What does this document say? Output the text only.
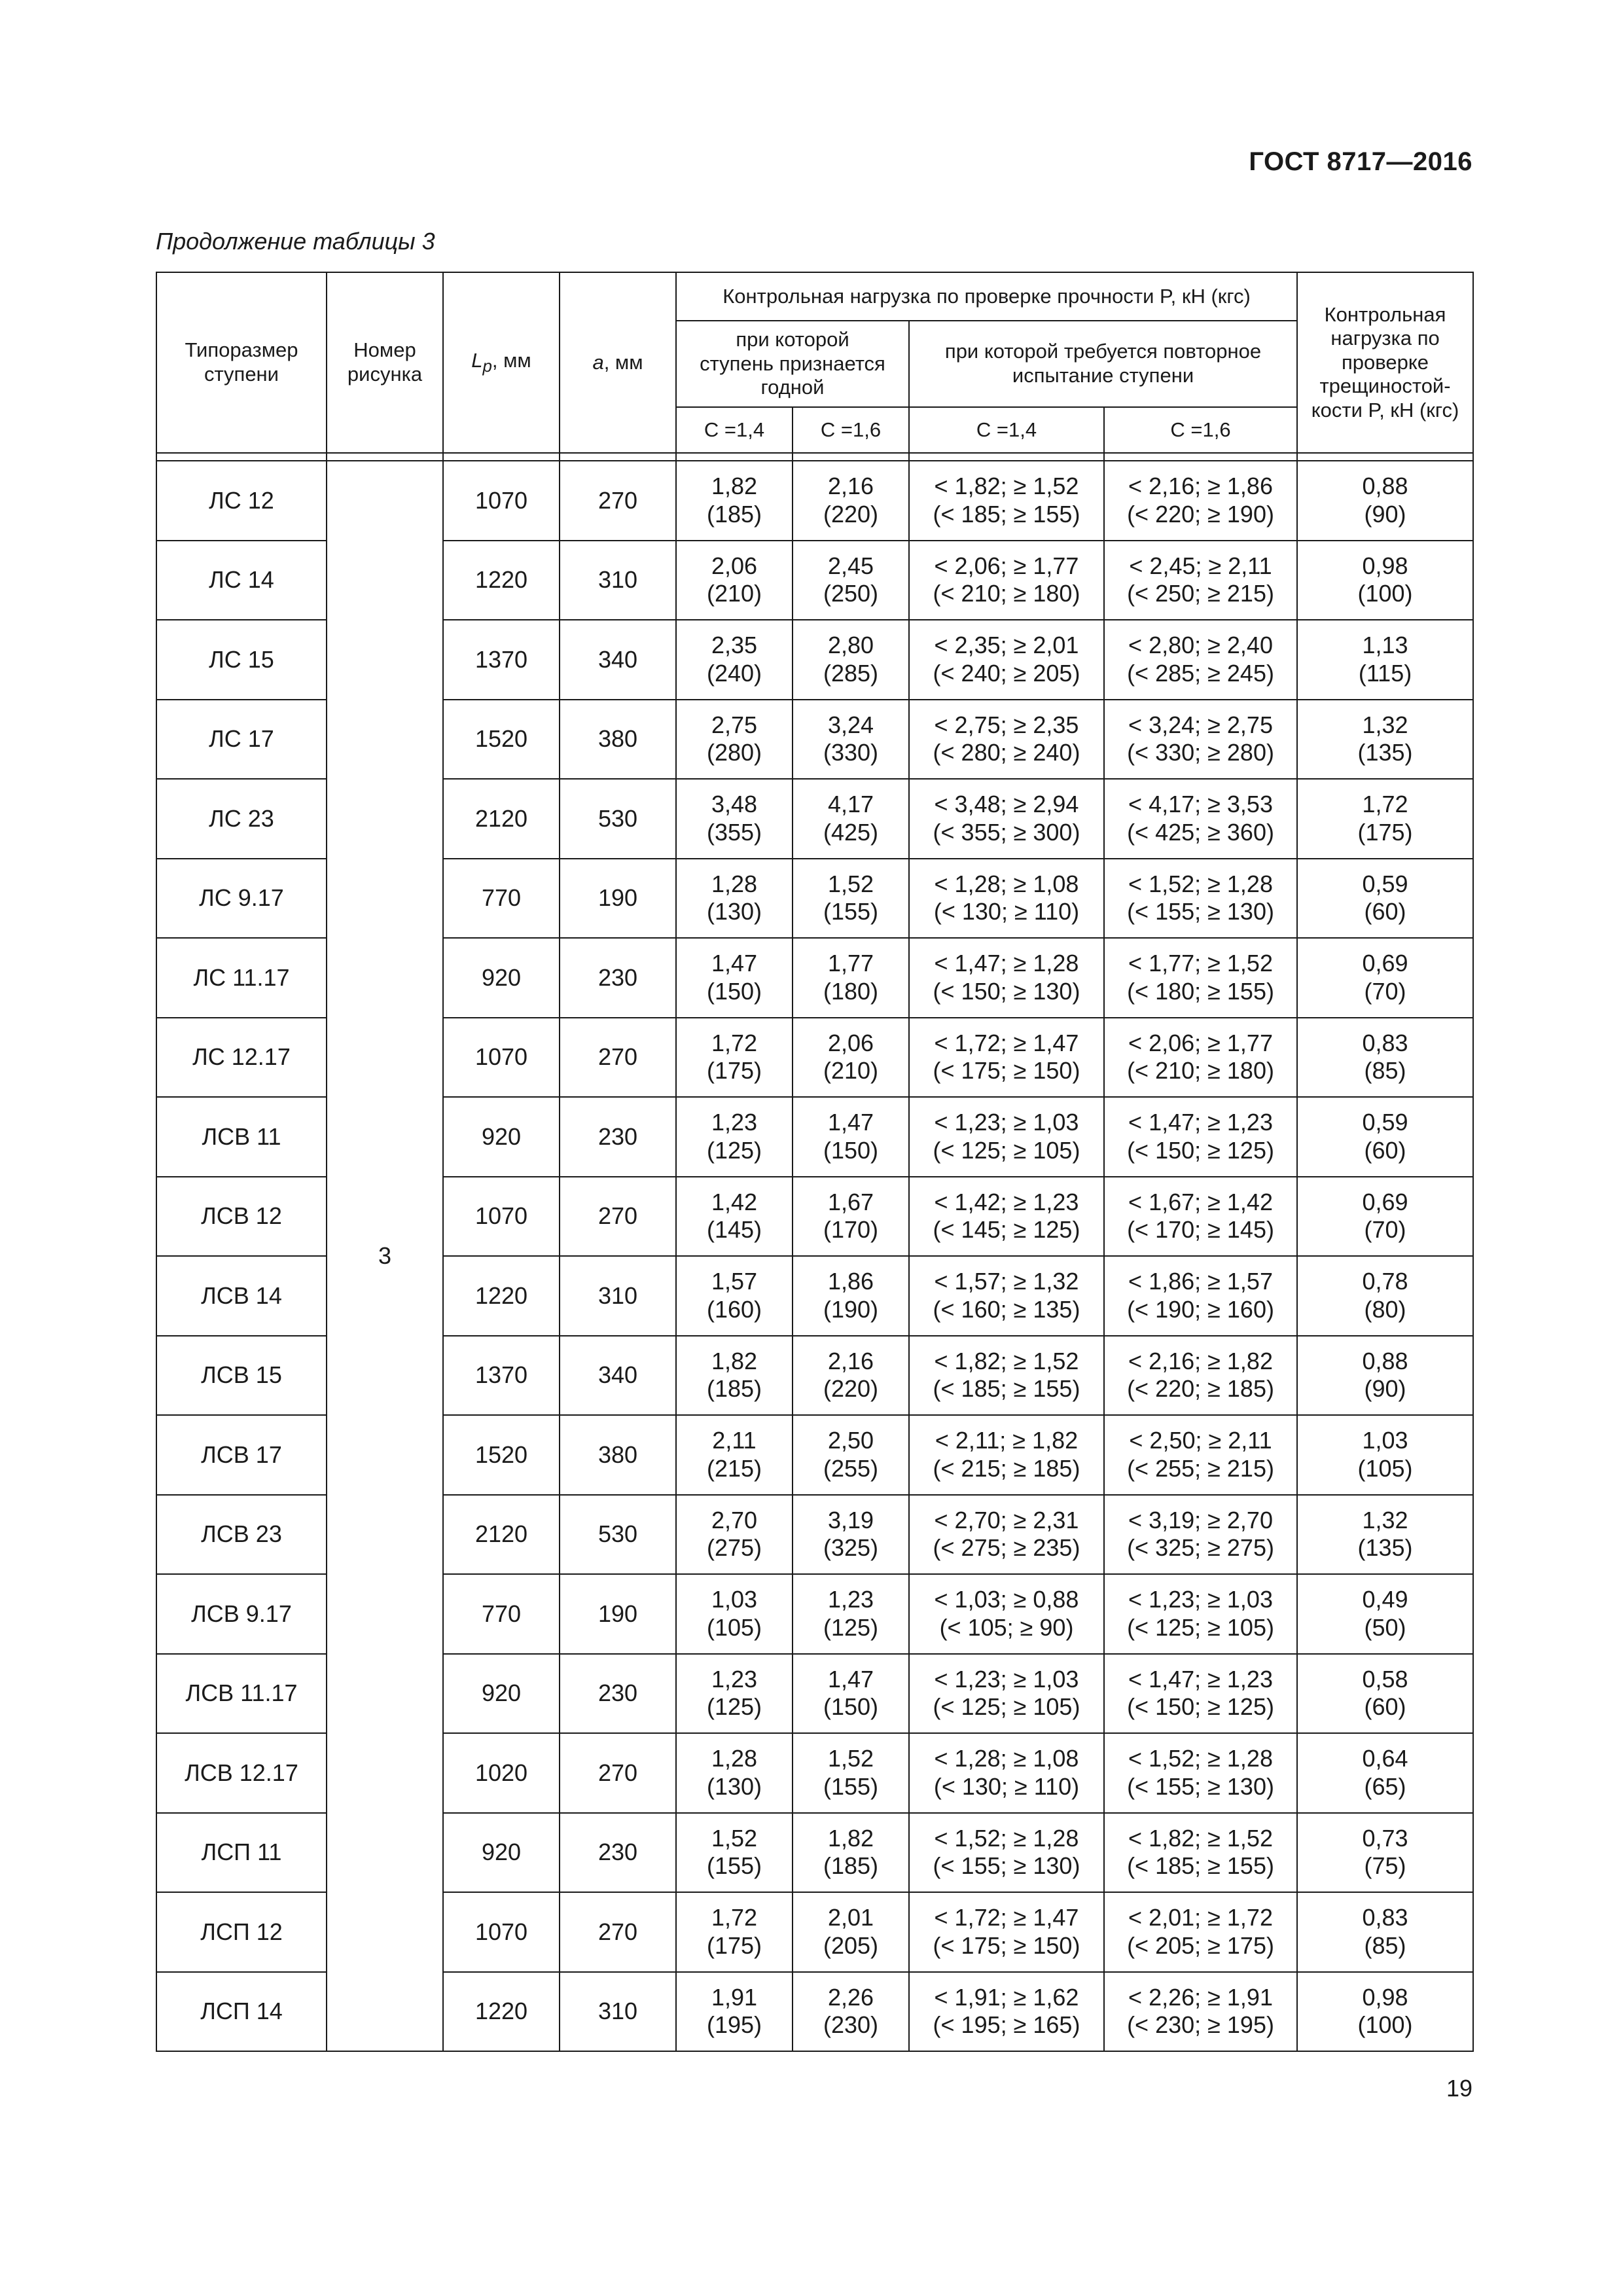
ГОСТ 8717—2016
Продолжение таблицы 3
Типоразмер ступени	Номер рисунка	$L_p$, мм	a, мм	Контрольная нагрузка по проверке прочности P, кН (кгс)				Контрольная нагрузка по проверке трещиностой-кости P, кН (кгс)
				при которой ступень признается годной		при которой требуется повторное испытание ступени		
				C =1,4	C =1,6	C =1,4	C =1,6	

ЛС 12	3	1070	270	1,82
(185)	2,16
(220)	< 1,82; ≥ 1,52
(< 185; ≥ 155)	< 2,16; ≥ 1,86
(< 220; ≥ 190)	0,88
(90)

ЛС 14		1220	310	2,06
(210)	2,45
(250)	< 2,06; ≥ 1,77
(< 210; ≥ 180)	< 2,45; ≥ 2,11
(< 250; ≥ 215)	0,98
(100)

ЛС 15		1370	340	2,35
(240)	2,80
(285)	< 2,35; ≥ 2,01
(< 240; ≥ 205)	< 2,80; ≥ 2,40
(< 285; ≥ 245)	1,13
(115)

ЛС 17		1520	380	2,75
(280)	3,24
(330)	< 2,75; ≥ 2,35
(< 280; ≥ 240)	< 3,24; ≥ 2,75
(< 330; ≥ 280)	1,32
(135)

ЛС 23		2120	530	3,48
(355)	4,17
(425)	< 3,48; ≥ 2,94
(< 355; ≥ 300)	< 4,17; ≥ 3,53
(< 425; ≥ 360)	1,72
(175)

ЛС 9.17		770	190	1,28
(130)	1,52
(155)	< 1,28; ≥ 1,08
(< 130; ≥ 110)	< 1,52; ≥ 1,28
(< 155; ≥ 130)	0,59
(60)

ЛС 11.17		920	230	1,47
(150)	1,77
(180)	< 1,47; ≥ 1,28
(< 150; ≥ 130)	< 1,77; ≥ 1,52
(< 180; ≥ 155)	0,69
(70)

ЛС 12.17		1070	270	1,72
(175)	2,06
(210)	< 1,72; ≥ 1,47
(< 175; ≥ 150)	< 2,06; ≥ 1,77
(< 210; ≥ 180)	0,83
(85)

ЛСВ 11		920	230	1,23
(125)	1,47
(150)	< 1,23; ≥ 1,03
(< 125; ≥ 105)	< 1,47; ≥ 1,23
(< 150; ≥ 125)	0,59
(60)

ЛСВ 12		1070	270	1,42
(145)	1,67
(170)	< 1,42; ≥ 1,23
(< 145; ≥ 125)	< 1,67; ≥ 1,42
(< 170; ≥ 145)	0,69
(70)

ЛСВ 14		1220	310	1,57
(160)	1,86
(190)	< 1,57; ≥ 1,32
(< 160; ≥ 135)	< 1,86; ≥ 1,57
(< 190; ≥ 160)	0,78
(80)

ЛСВ 15		1370	340	1,82
(185)	2,16
(220)	< 1,82; ≥ 1,52
(< 185; ≥ 155)	< 2,16; ≥ 1,82
(< 220; ≥ 185)	0,88
(90)

ЛСВ 17		1520	380	2,11
(215)	2,50
(255)	< 2,11; ≥ 1,82
(< 215; ≥ 185)	< 2,50; ≥ 2,11
(< 255; ≥ 215)	1,03
(105)

ЛСВ 23		2120	530	2,70
(275)	3,19
(325)	< 2,70; ≥ 2,31
(< 275; ≥ 235)	< 3,19; ≥ 2,70
(< 325; ≥ 275)	1,32
(135)

ЛСВ 9.17		770	190	1,03
(105)	1,23
(125)	< 1,03; ≥ 0,88
(< 105; ≥ 90)	< 1,23; ≥ 1,03
(< 125; ≥ 105)	0,49
(50)

ЛСВ 11.17		920	230	1,23
(125)	1,47
(150)	< 1,23; ≥ 1,03
(< 125; ≥ 105)	< 1,47; ≥ 1,23
(< 150; ≥ 125)	0,58
(60)

ЛСВ 12.17		1020	270	1,28
(130)	1,52
(155)	< 1,28; ≥ 1,08
(< 130; ≥ 110)	< 1,52; ≥ 1,28
(< 155; ≥ 130)	0,64
(65)

ЛСП 11		920	230	1,52
(155)	1,82
(185)	< 1,52; ≥ 1,28
(< 155; ≥ 130)	< 1,82; ≥ 1,52
(< 185; ≥ 155)	0,73
(75)

ЛСП 12		1070	270	1,72
(175)	2,01
(205)	< 1,72; ≥ 1,47
(< 175; ≥ 150)	< 2,01; ≥ 1,72
(< 205; ≥ 175)	0,83
(85)

ЛСП 14		1220	310	1,91
(195)	2,26
(230)	< 1,91; ≥ 1,62
(< 195; ≥ 165)	< 2,26; ≥ 1,91
(< 230; ≥ 195)	0,98
(100)
19
